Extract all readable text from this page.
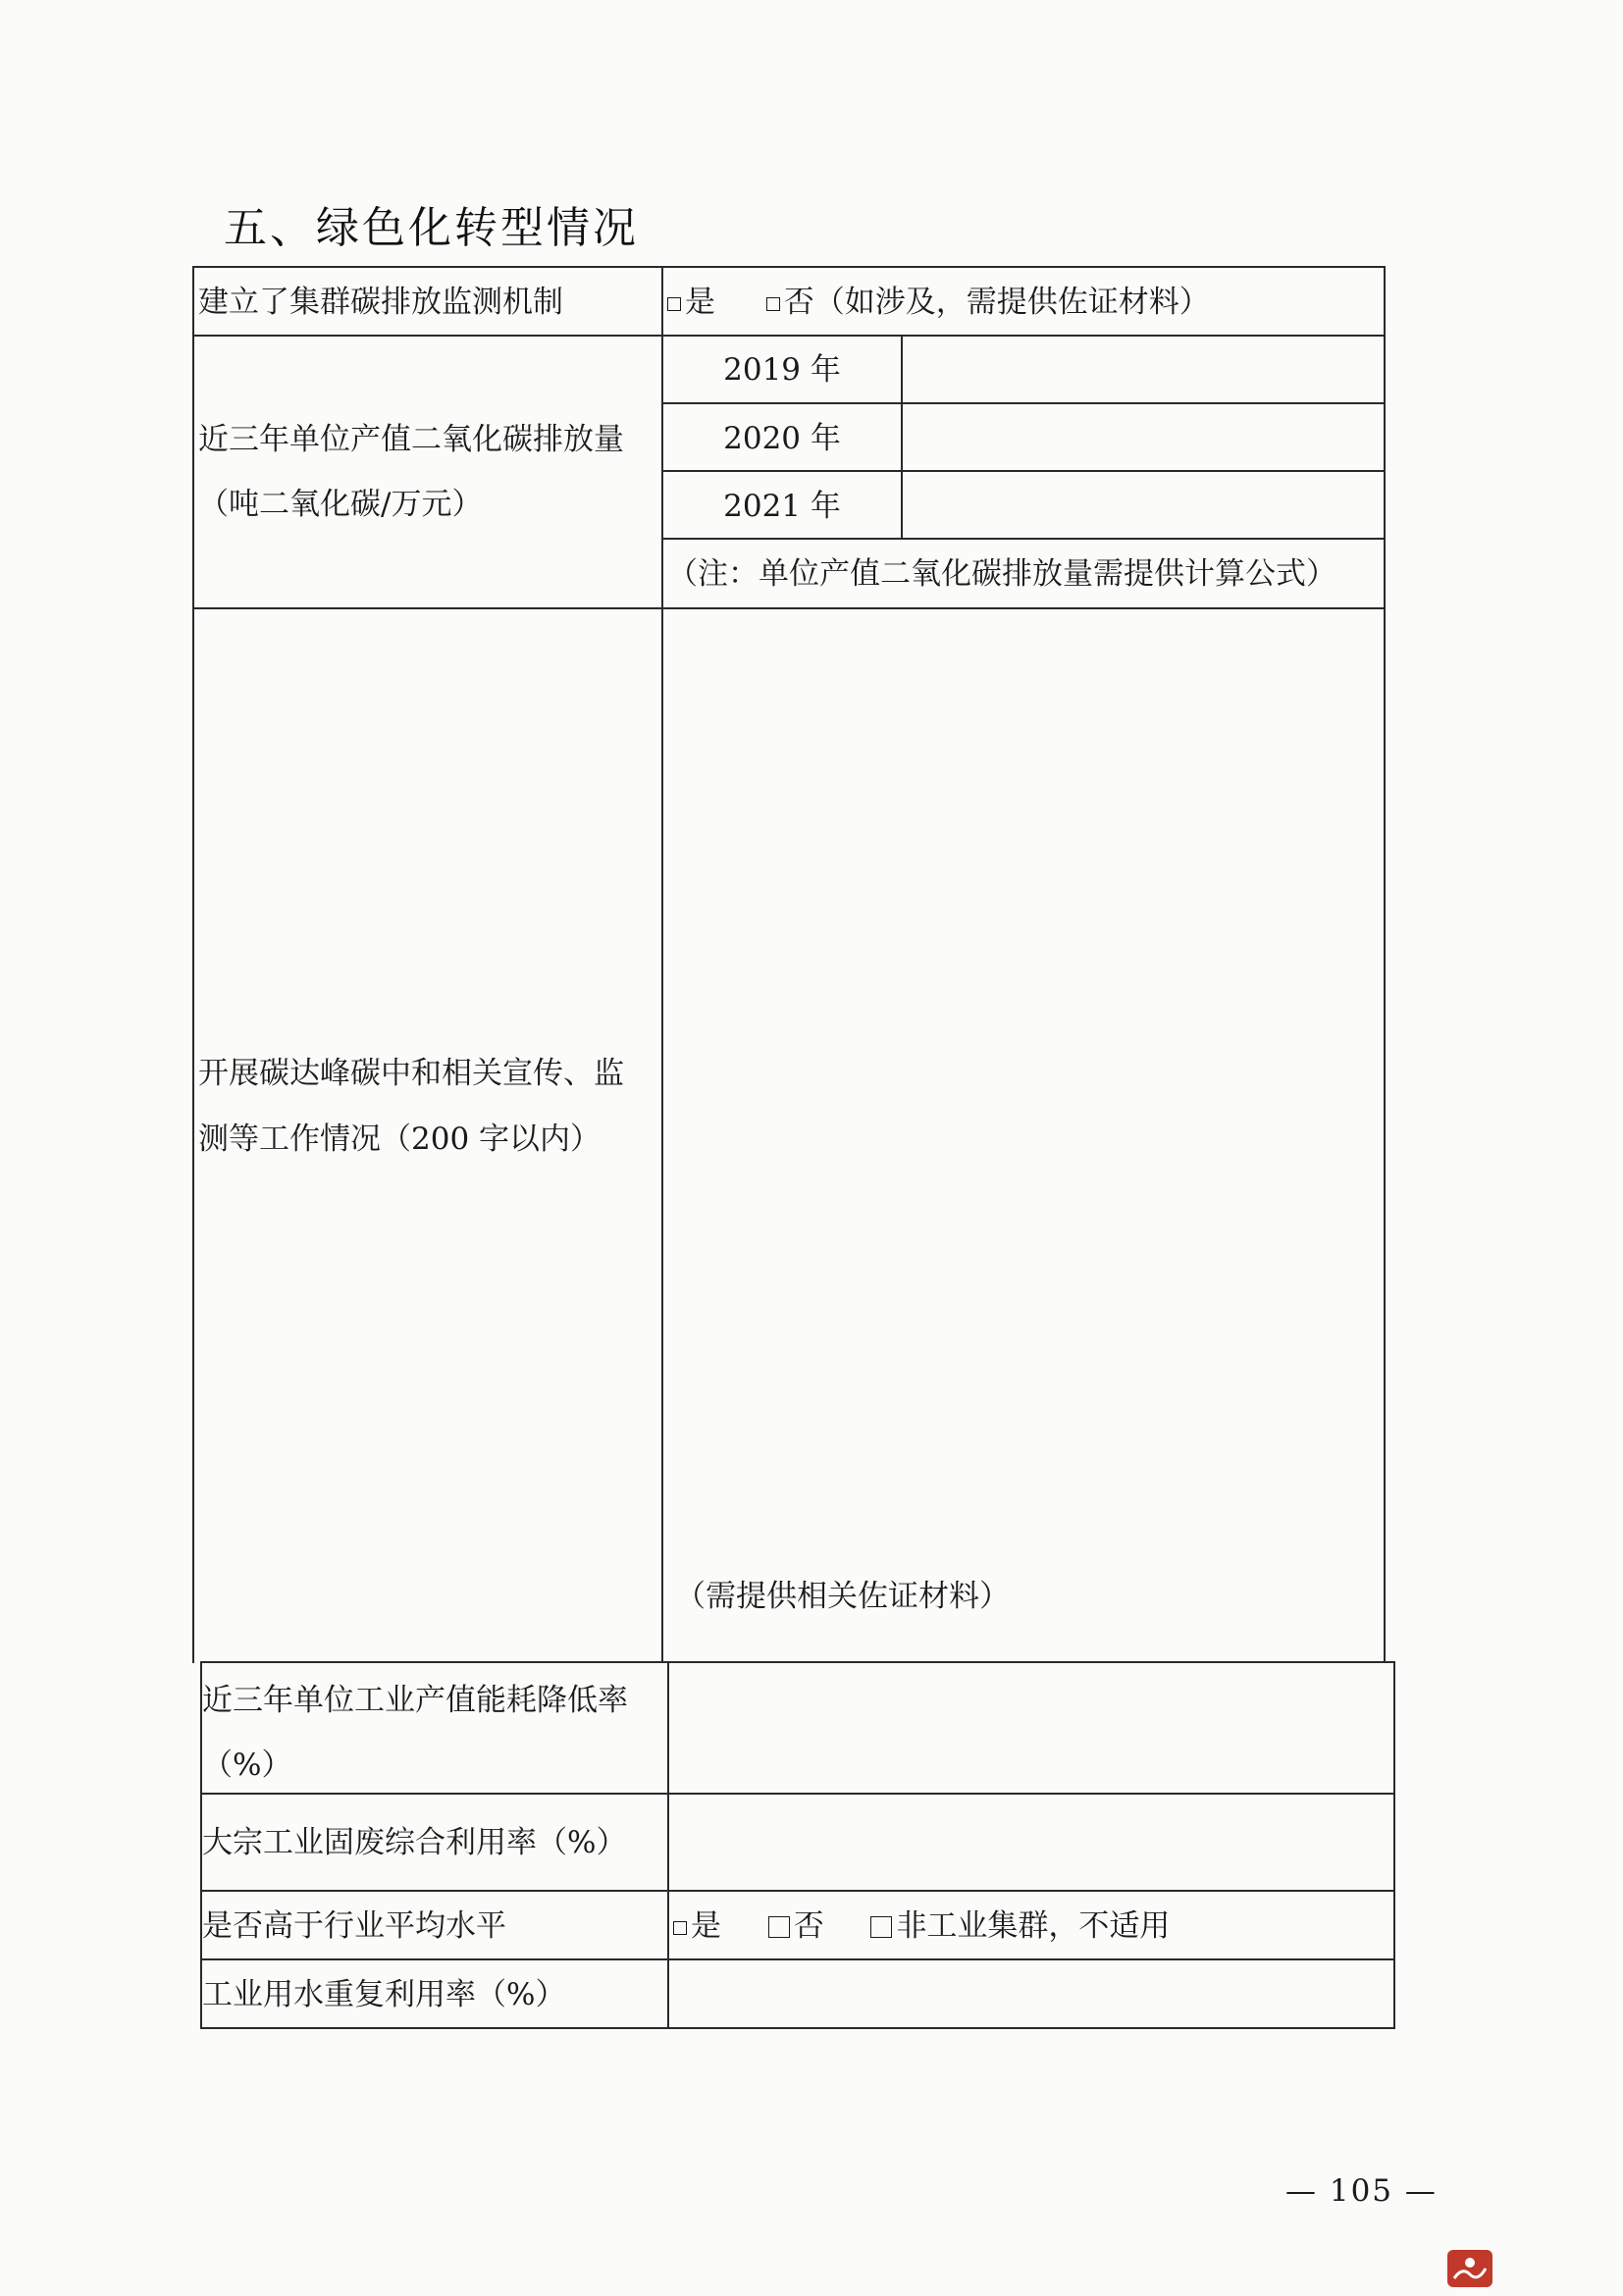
五、绿色化转型情况
建立了集群碳排放监测机制	是 否（如涉及，需提供佐证材料）
近三年单位产值二氧化碳排放量
（吨二氧化碳/万元）
2019 年
2020 年
2021 年
（注：单位产值二氧化碳排放量需提供计算公式）
开展碳达峰碳中和相关宣传、监
测等工作情况（200 字以内）
（需提供相关佐证材料）
近三年单位工业产值能耗降低率
（%）
大宗工业固废综合利用率（%）
是否高于行业平均水平	是 否 非工业集群，不适用
工业用水重复利用率（%）
— 105 —
